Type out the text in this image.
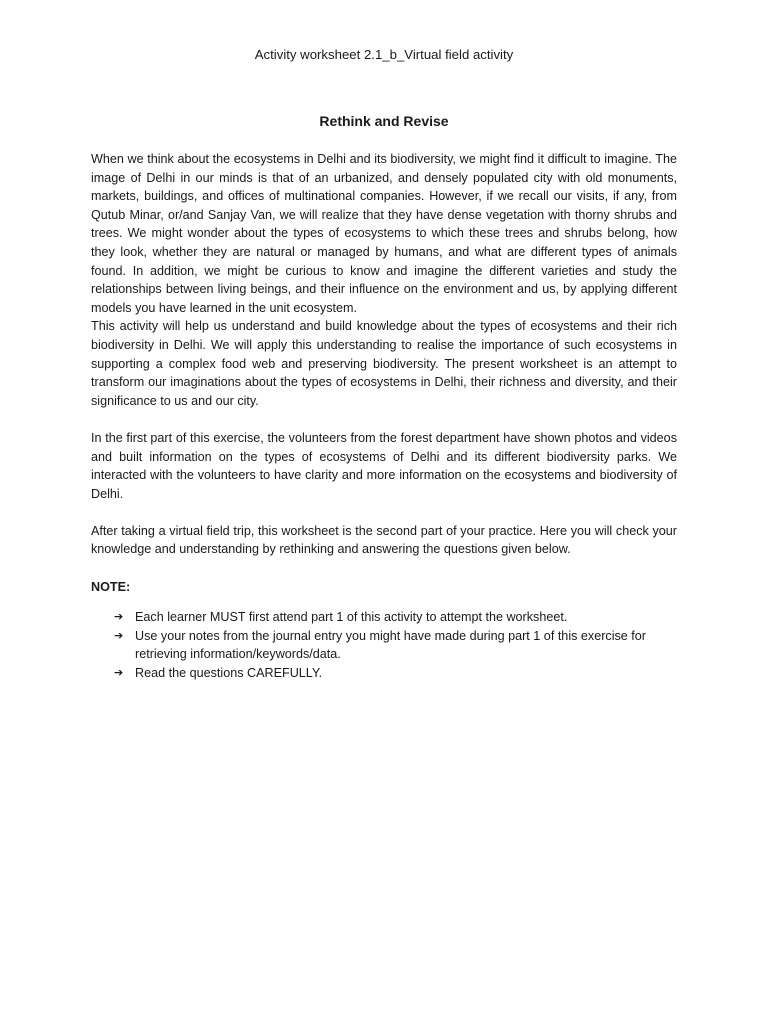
Activity worksheet 2.1_b_Virtual field activity
Rethink and Revise

When we think about the ecosystems in Delhi and its biodiversity, we might find it difficult to imagine. The image of Delhi in our minds is that of an urbanized, and densely populated city with old monuments, markets, buildings, and offices of multinational companies. However, if we recall our visits, if any, from Qutub Minar, or/and Sanjay Van, we will realize that they have dense vegetation with thorny shrubs and trees. We might wonder about the types of ecosystems to which these trees and shrubs belong, how they look, whether they are natural or managed by humans, and what are different types of animals found. In addition, we might be curious to know and imagine the different varieties and study the relationships between living beings, and their influence on the environment and us, by applying different models you have learned in the unit ecosystem.

This activity will help us understand and build knowledge about the types of ecosystems and their rich biodiversity in Delhi. We will apply this understanding to realise the importance of such ecosystems in supporting a complex food web and preserving biodiversity. The present worksheet is an attempt to transform our imaginations about the types of ecosystems in Delhi, their richness and diversity, and their significance to us and our city.

In the first part of this exercise, the volunteers from the forest department have shown photos and videos and built information on the types of ecosystems of Delhi and its different biodiversity parks. We interacted with the volunteers to have clarity and more information on the ecosystems and biodiversity of Delhi.

After taking a virtual field trip, this worksheet is the second part of your practice. Here you will check your knowledge and understanding by rethinking and answering the questions given below.

NOTE:

➔ Each learner MUST first attend part 1 of this activity to attempt the worksheet.
➔ Use your notes from the journal entry you might have made during part 1 of this exercise for retrieving information/keywords/data.
➔ Read the questions CAREFULLY.
